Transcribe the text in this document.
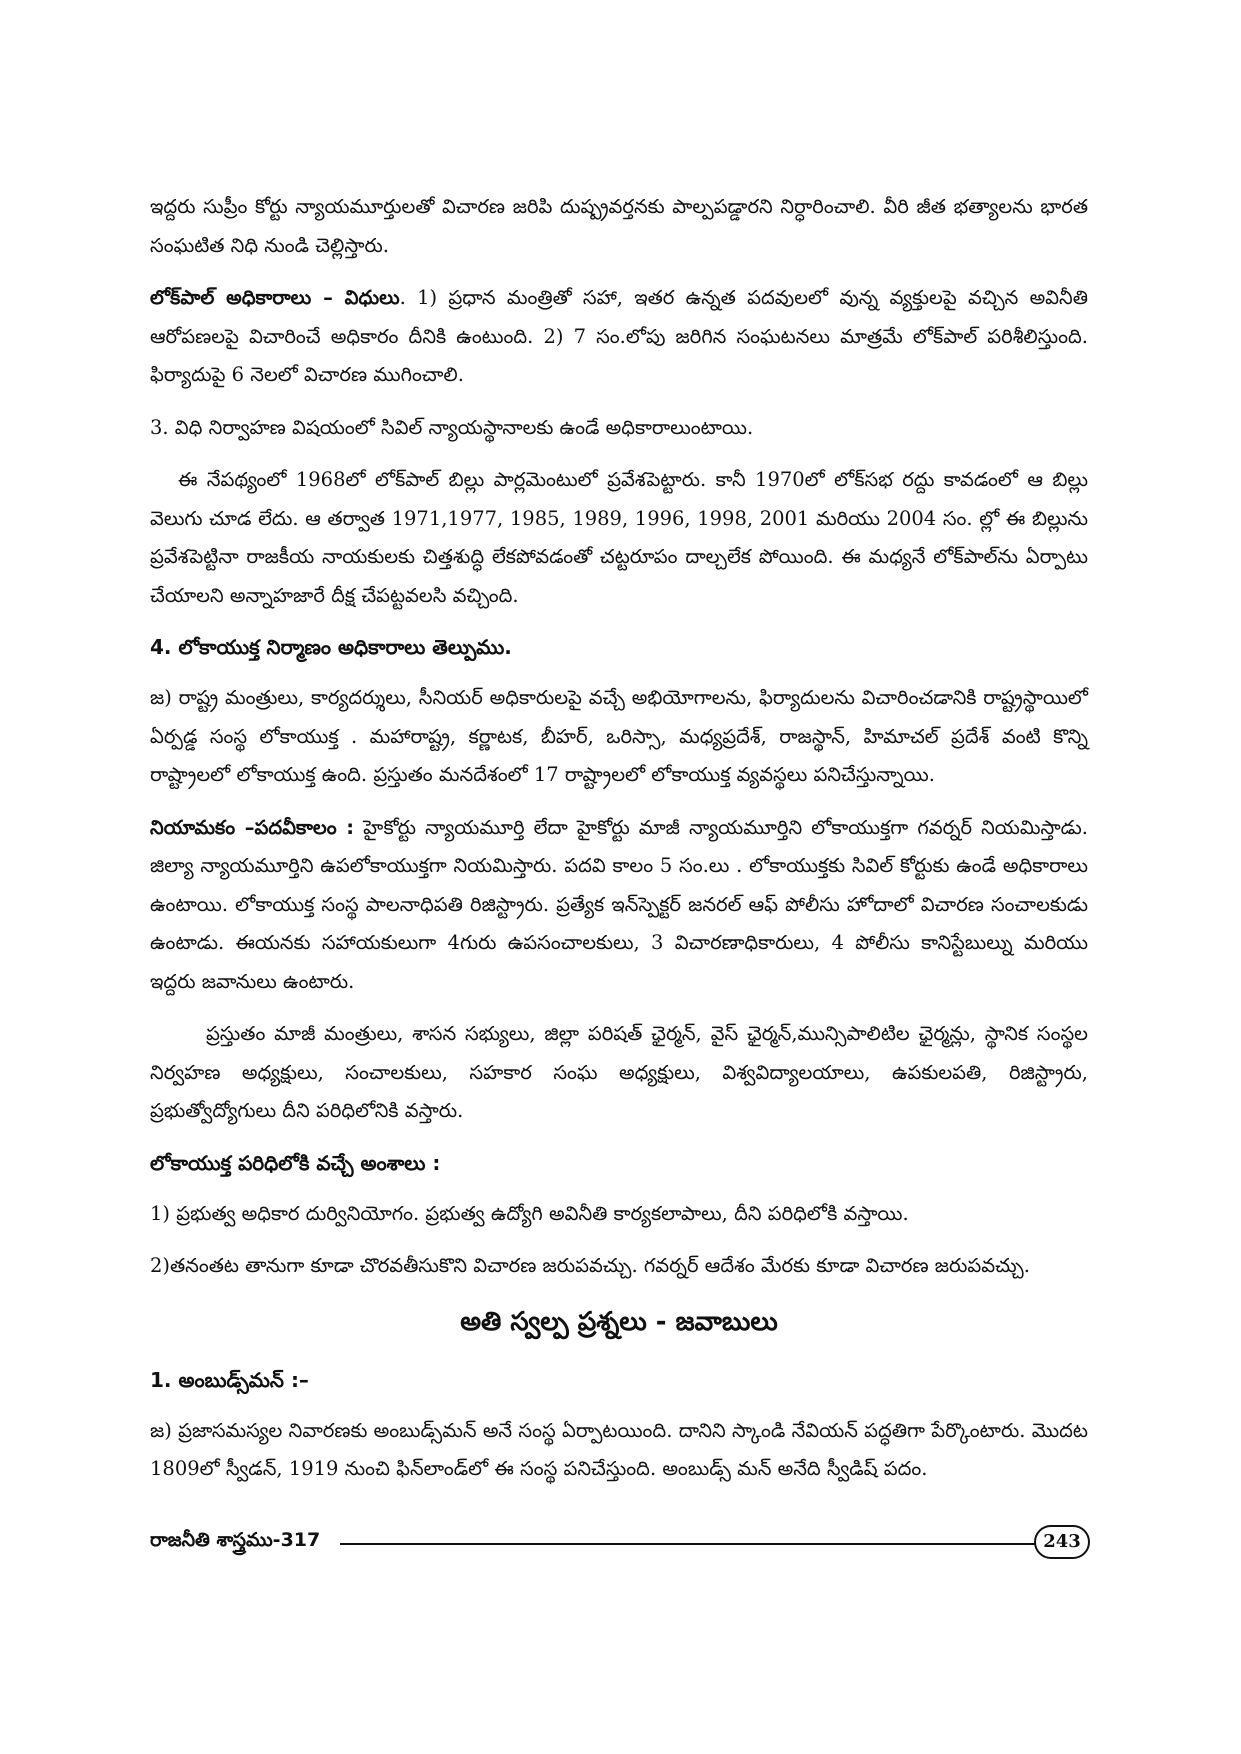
ఇద్దరు సుప్రీం కోర్టు న్యాయమూర్తులతో విచారణ జరిపి దుష్ప్రవర్తనకు పాల్పపడ్డారని నిర్ధారించాలి. వీరి జీత భత్యాలను భారత సంఘటిత నిధి నుండి చెల్లిస్తారు.

లోక్‌పాల్ అధికారాలు – విధులు. 1) ప్రధాన మంత్రితో సహా, ఇతర ఉన్నత పదవులలో వున్న వ్యక్తులపై వచ్చిన అవినీతి ఆరోపణలపై విచారించే అధికారం దీనికి ఉంటుంది. 2) 7 సం.లోపు జరిగిన సంఘటనలు మాత్రమే లోక్‌పాల్ పరిశీలిస్తుంది. ఫిర్యాదుపై 6 నెలలో విచారణ ముగించాలి.

3. విధి నిర్వాహణ విషయంలో సివిల్ న్యాయస్థానాలకు ఉండే అధికారాలుంటాయి.

ఈ నేపథ్యంలో 1968లో లోక్‌పాల్ బిల్లు పార్లమెంటులో ప్రవేశపెట్టారు. కానీ 1970లో లోక్‌సభ రద్దు కావడంలో ఆ బిల్లు వెలుగు చూడ లేదు. ఆ తర్వాత 1971,1977, 1985, 1989, 1996, 1998, 2001 మరియు 2004 సం. ల్లో ఈ బిల్లును ప్రవేశపెట్టినా రాజకీయ నాయకులకు చిత్తశుద్ధి లేకపోవడంతో చట్టరూపం దాల్చలేక పోయింది. ఈ మధ్యనే లోక్‌పాల్‌ను ఏర్పాటు చేయాలని అన్నాహజారే దీక్ష చేపట్టవలసి వచ్చింది.

4. లోకాయుక్త నిర్మాణం అధికారాలు తెల్పుము.

జ) రాష్ట్ర మంత్రులు, కార్యదర్శులు, సీనియర్ అధికారులపై వచ్చే అభియోగాలను, ఫిర్యాదులను విచారించడానికి రాష్ట్రస్థాయిలో ఏర్పడ్డ సంస్థ లోకాయుక్త . మహారాష్ట్ర, కర్ణాటక, బీహర్, ఒరిస్సా, మధ్యప్రదేశ్, రాజస్థాన్, హిమాచల్ ప్రదేశ్ వంటి కొన్ని రాష్ట్రాలలో లోకాయుక్త ఉంది. ప్రస్తుతం మనదేశంలో 17 రాష్ట్రాలలో లోకాయుక్త వ్యవస్థలు పనిచేస్తున్నాయి.

నియామకం –పదవీకాలం : హైకోర్టు న్యాయమూర్తి లేదా హైకోర్టు మాజీ న్యాయమూర్తిని లోకాయుక్తగా గవర్నర్ నియమిస్తాడు. జిల్యా న్యాయమూర్తిని ఉపలోకాయుక్తగా నియమిస్తారు. పదవి కాలం 5 సం.లు . లోకాయుక్తకు సివిల్ కోర్టుకు ఉండే అధికారాలు ఉంటాయి. లోకాయుక్త సంస్థ పాలనాధిపతి రిజిస్ట్రారు. ప్రత్యేక ఇన్‌స్పెక్టర్ జనరల్ ఆఫ్ పోలీసు హోదాలో విచారణ సంచాలకుడు ఉంటాడు. ఈయనకు సహాయకులుగా 4గురు ఉపసంచాలకులు, 3 విచారణాధికారులు, 4 పోలీసు కానిస్టేబుల్ను మరియు ఇద్దరు జవానులు ఉంటారు.

ప్రస్తుతం మాజీ మంత్రులు, శాసన సభ్యులు, జిల్లా పరిషత్ ఛైర్మన్, వైస్ ఛైర్మన్,మున్సిపాలిటిల ఛైర్మన్లు, స్థానిక సంస్థల నిర్వహణ అధ్యక్షులు, సంచాలకులు, సహకార సంఘ అధ్యక్షులు, విశ్వవిద్యాలయాలు, ఉపకులపతి, రిజిస్ట్రారు, ప్రభుత్వోద్యోగులు దీని పరిధిలోనికి వస్తారు.

లోకాయుక్త పరిధిలోకి వచ్చే అంశాలు :

1) ప్రభుత్వ అధికార దుర్వినియోగం. ప్రభుత్వ ఉద్యోగి అవినీతి కార్యకలాపాలు, దీని పరిధిలోకి వస్తాయి.

2)తనంతట తానుగా కూడా చొరవతీసుకొని విచారణ జరుపవచ్చు. గవర్నర్ ఆదేశం మేరకు కూడా విచారణ జరుపవచ్చు.

అతి స్వల్ప ప్రశ్నలు - జవాబులు
1. అంబుడ్స్‌మన్ :–

జ) ప్రజాసమస్యల నివారణకు అంబుడ్స్‌మన్ అనే సంస్థ ఏర్పాటయింది. దానిని స్కాండి నేవియన్ పద్ధతిగా పేర్కొంటారు. మొదట 1809లో స్వీడన్, 1919 నుంచి ఫిన్‌లాండ్‌లో ఈ సంస్థ పనిచేస్తుంది. అంబుడ్స్ మన్ అనేది స్వీడిష్ పదం.

రాజనీతి శాస్త్రము-317	243
